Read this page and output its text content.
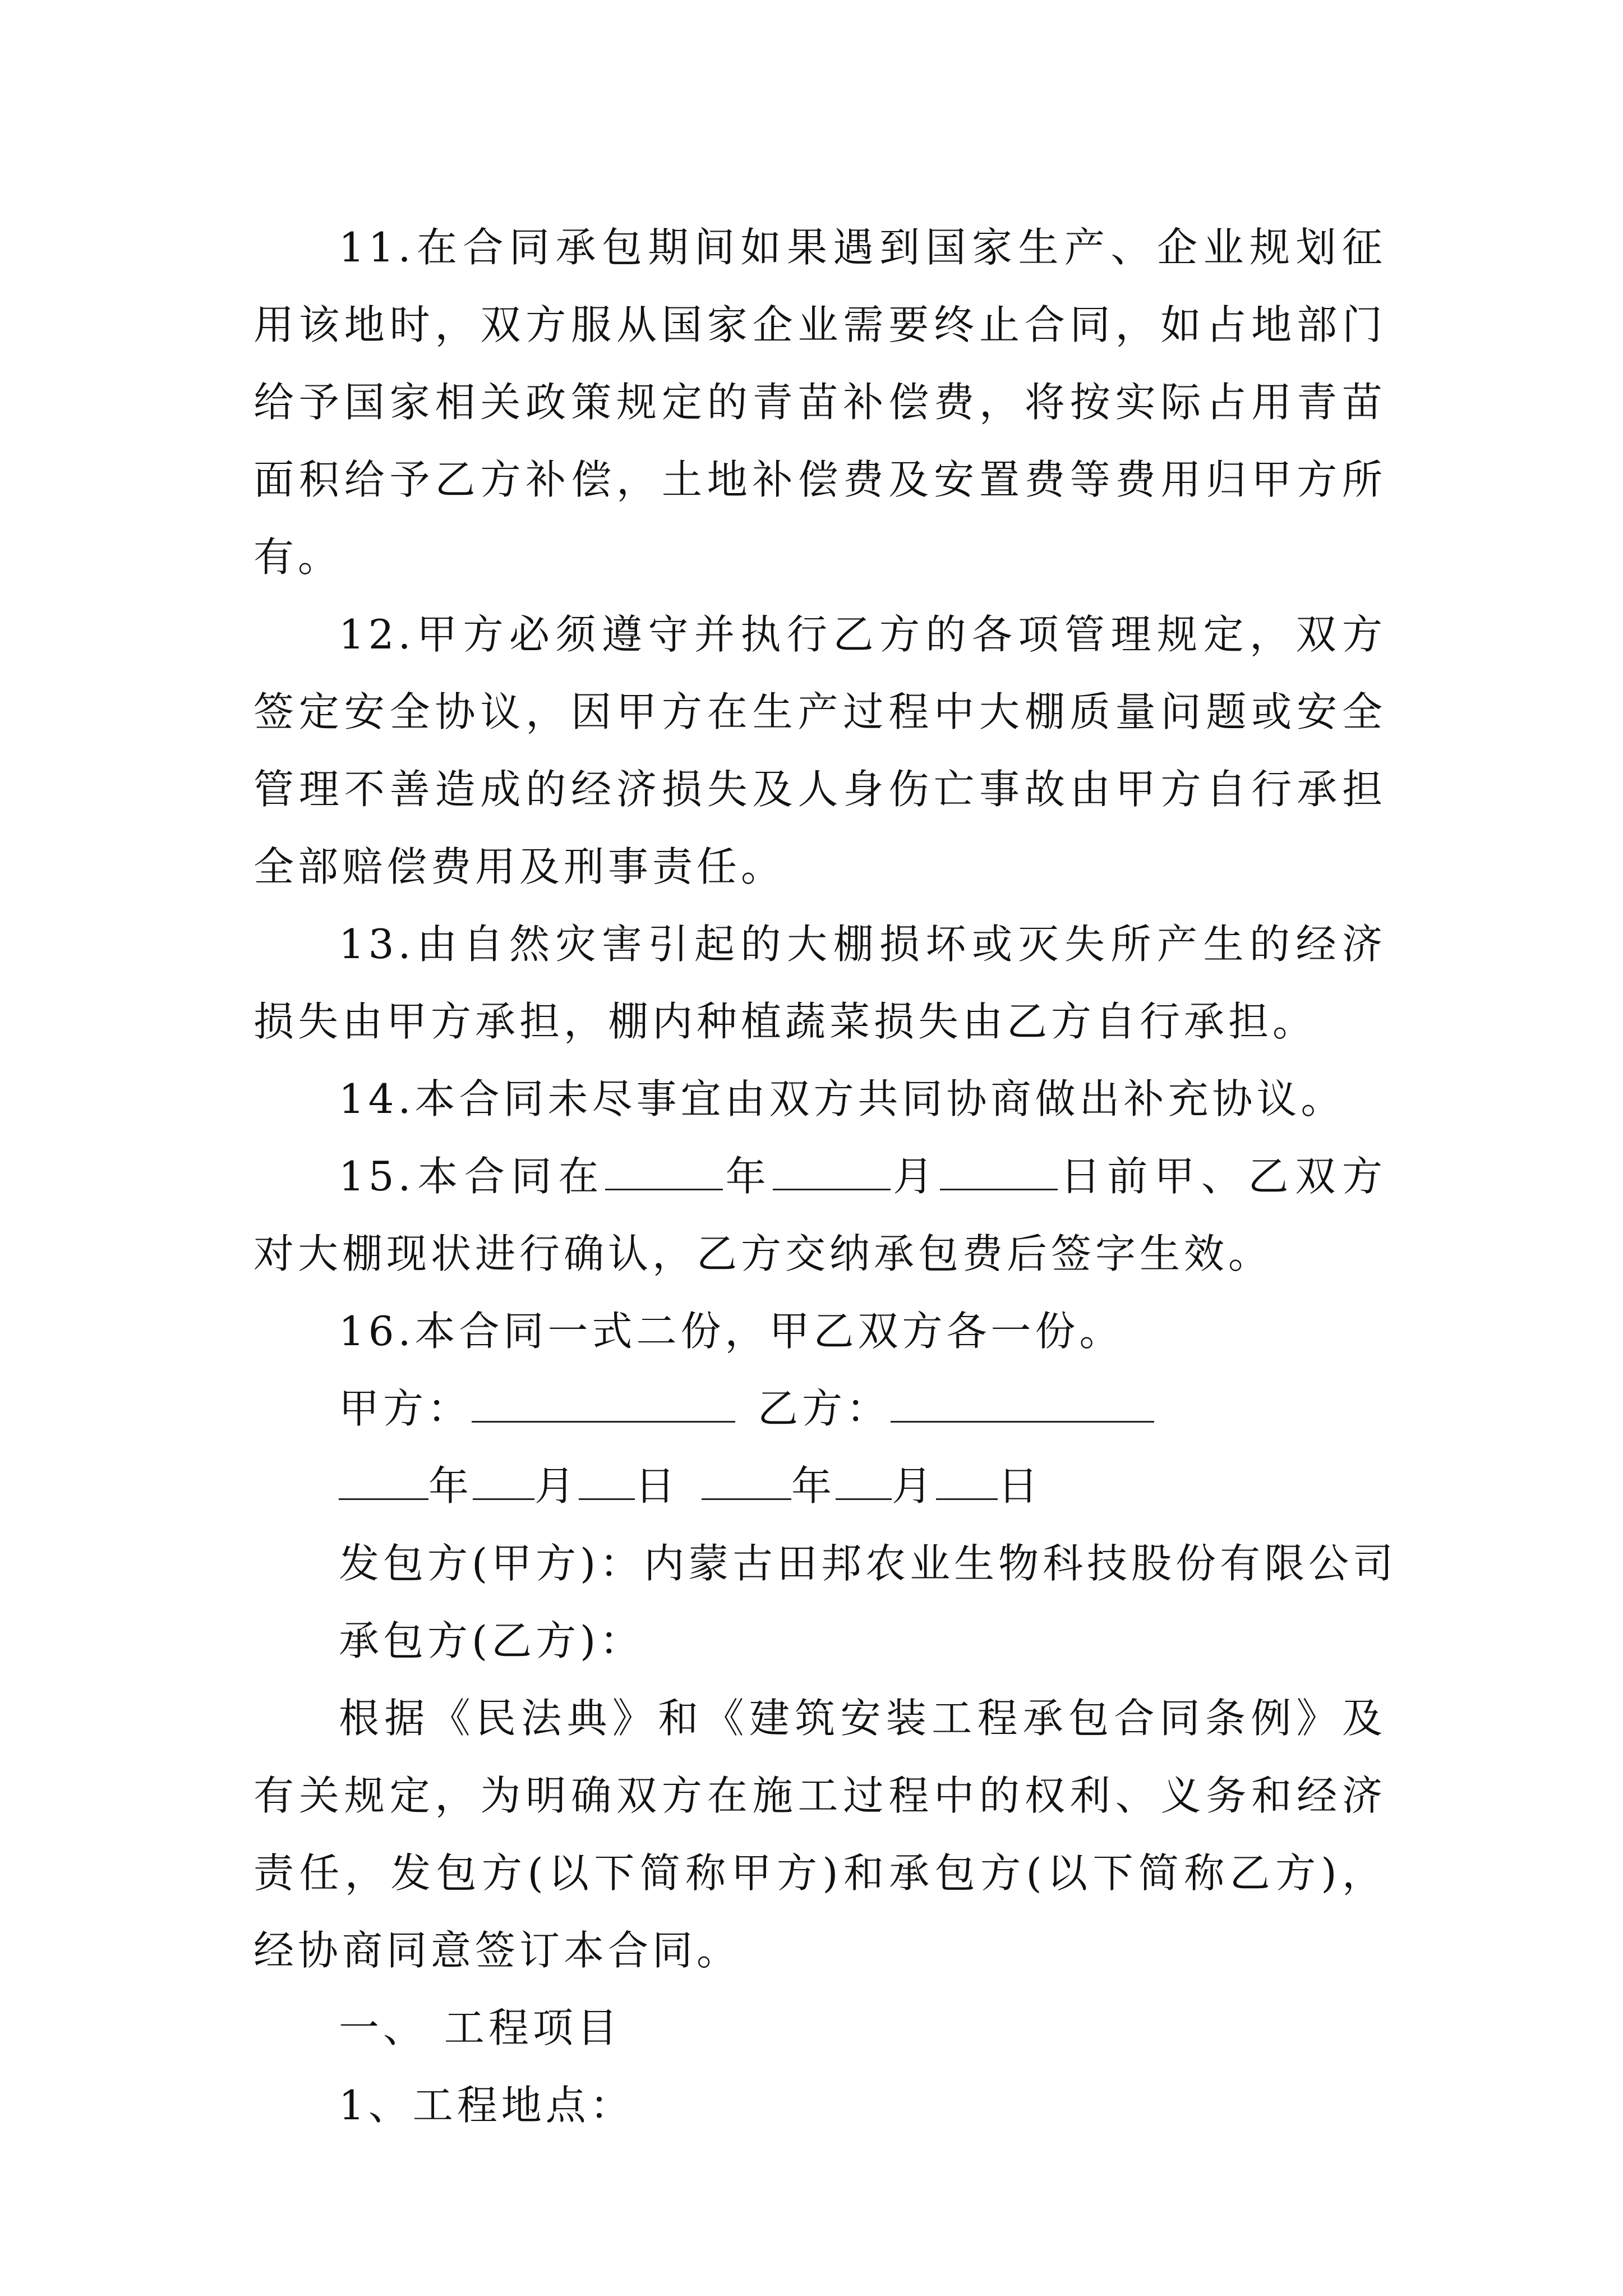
11.在合同承包期间如果遇到国家生产、企业规划征用该地时，双方服从国家企业需要终止合同，如占地部门给予国家相关政策规定的青苗补偿费，将按实际占用青苗面积给予乙方补偿，土地补偿费及安置费等费用归甲方所有。

12.甲方必须遵守并执行乙方的各项管理规定，双方签定安全协议，因甲方在生产过程中大棚质量问题或安全管理不善造成的经济损失及人身伤亡事故由甲方自行承担全部赔偿费用及刑事责任。

13.由自然灾害引起的大棚损坏或灭失所产生的经济损失由甲方承担，棚内种植蔬菜损失由乙方自行承担。

14.本合同未尽事宜由双方共同协商做出补充协议。

15.本合同在	年	月	日前甲、乙双方对大棚现状进行确认，乙方交纳承包费后签字生效。

16.本合同一式二份，甲乙双方各一份。

甲方：	乙方：

年 月 日	年 月 日

发包方(甲方)：内蒙古田邦农业生物科技股份有限公司

承包方(乙方)：

根据《民法典》和《建筑安装工程承包合同条例》及有关规定，为明确双方在施工过程中的权利、义务和经济责任，发包方(以下简称甲方)和承包方(以下简称乙方)，经协商同意签订本合同。

一、 工程项目

1、工程地点：
